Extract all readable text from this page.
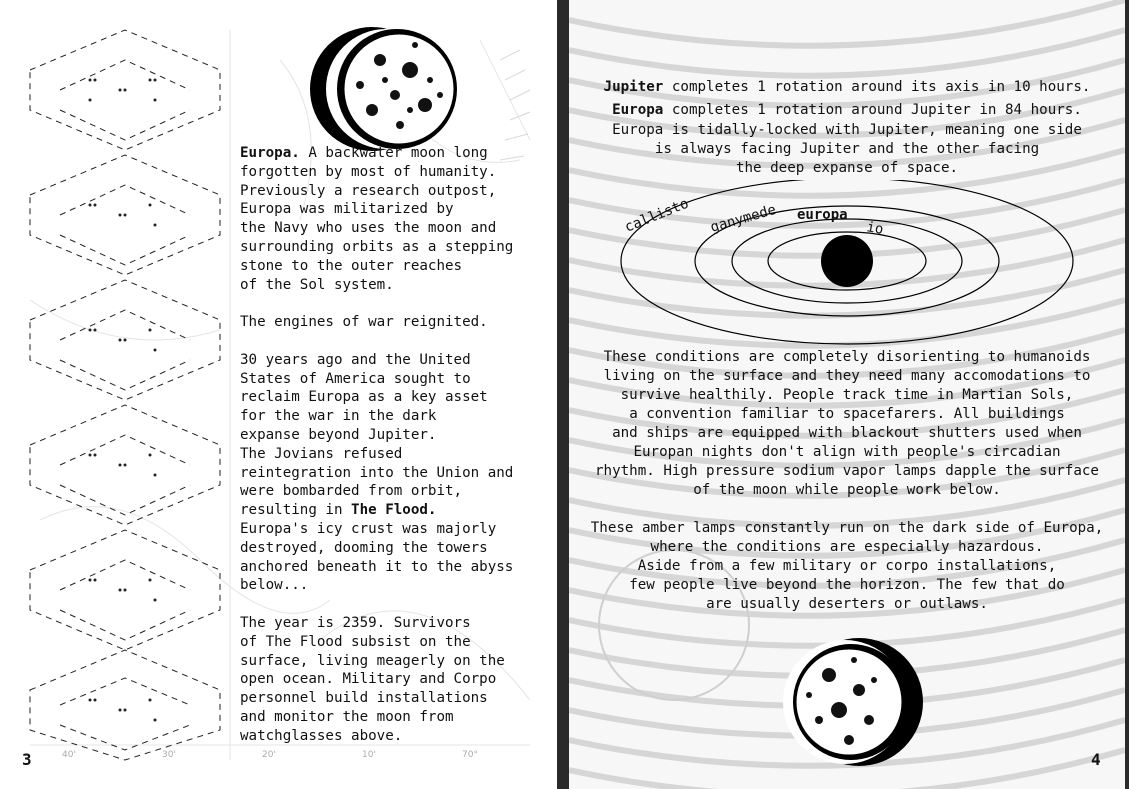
40'	30'	20'	10'	70°
Europa. A backwater moon long
forgotten by most of humanity.
Previously a research outpost,
Europa was militarized by
the Navy who uses the moon and
surrounding orbits as a stepping
stone to the outer reaches
of the Sol system.
The engines of war reignited.
30 years ago and the United
States of America sought to
reclaim Europa as a key asset
for the war in the dark
expanse beyond Jupiter.
The Jovians refused
reintegration into the Union and
were bombarded from orbit,
resulting in The Flood.
Europa's icy crust was majorly
destroyed, dooming the towers
anchored beneath it to the abyss
below...
The year is 2359. Survivors
of The Flood subsist on the
surface, living meagerly on the
open ocean. Military and Corpo
personnel build installations
and monitor the moon from
watchglasses above.
3
Jupiter completes 1 rotation around its axis in 10 hours.
Europa completes 1 rotation around Jupiter in 84 hours.
Europa is tidally-locked with Jupiter, meaning one side
is always facing Jupiter and the other facing
the deep expanse of space.
callisto ganymede europa
io
These conditions are completely disorienting to humanoids
living on the surface and they need many accomodations to
survive healthily. People track time in Martian Sols,
a convention familiar to spacefarers. All buildings
and ships are equipped with blackout shutters used when
Europan nights don't align with people's circadian
rhythm. High pressure sodium vapor lamps dapple the surface
of the moon while people work below.
These amber lamps constantly run on the dark side of Europa,
where the conditions are especially hazardous.
Aside from a few military or corpo installations,
few people live beyond the horizon. The few that do
are usually deserters or outlaws.
4
